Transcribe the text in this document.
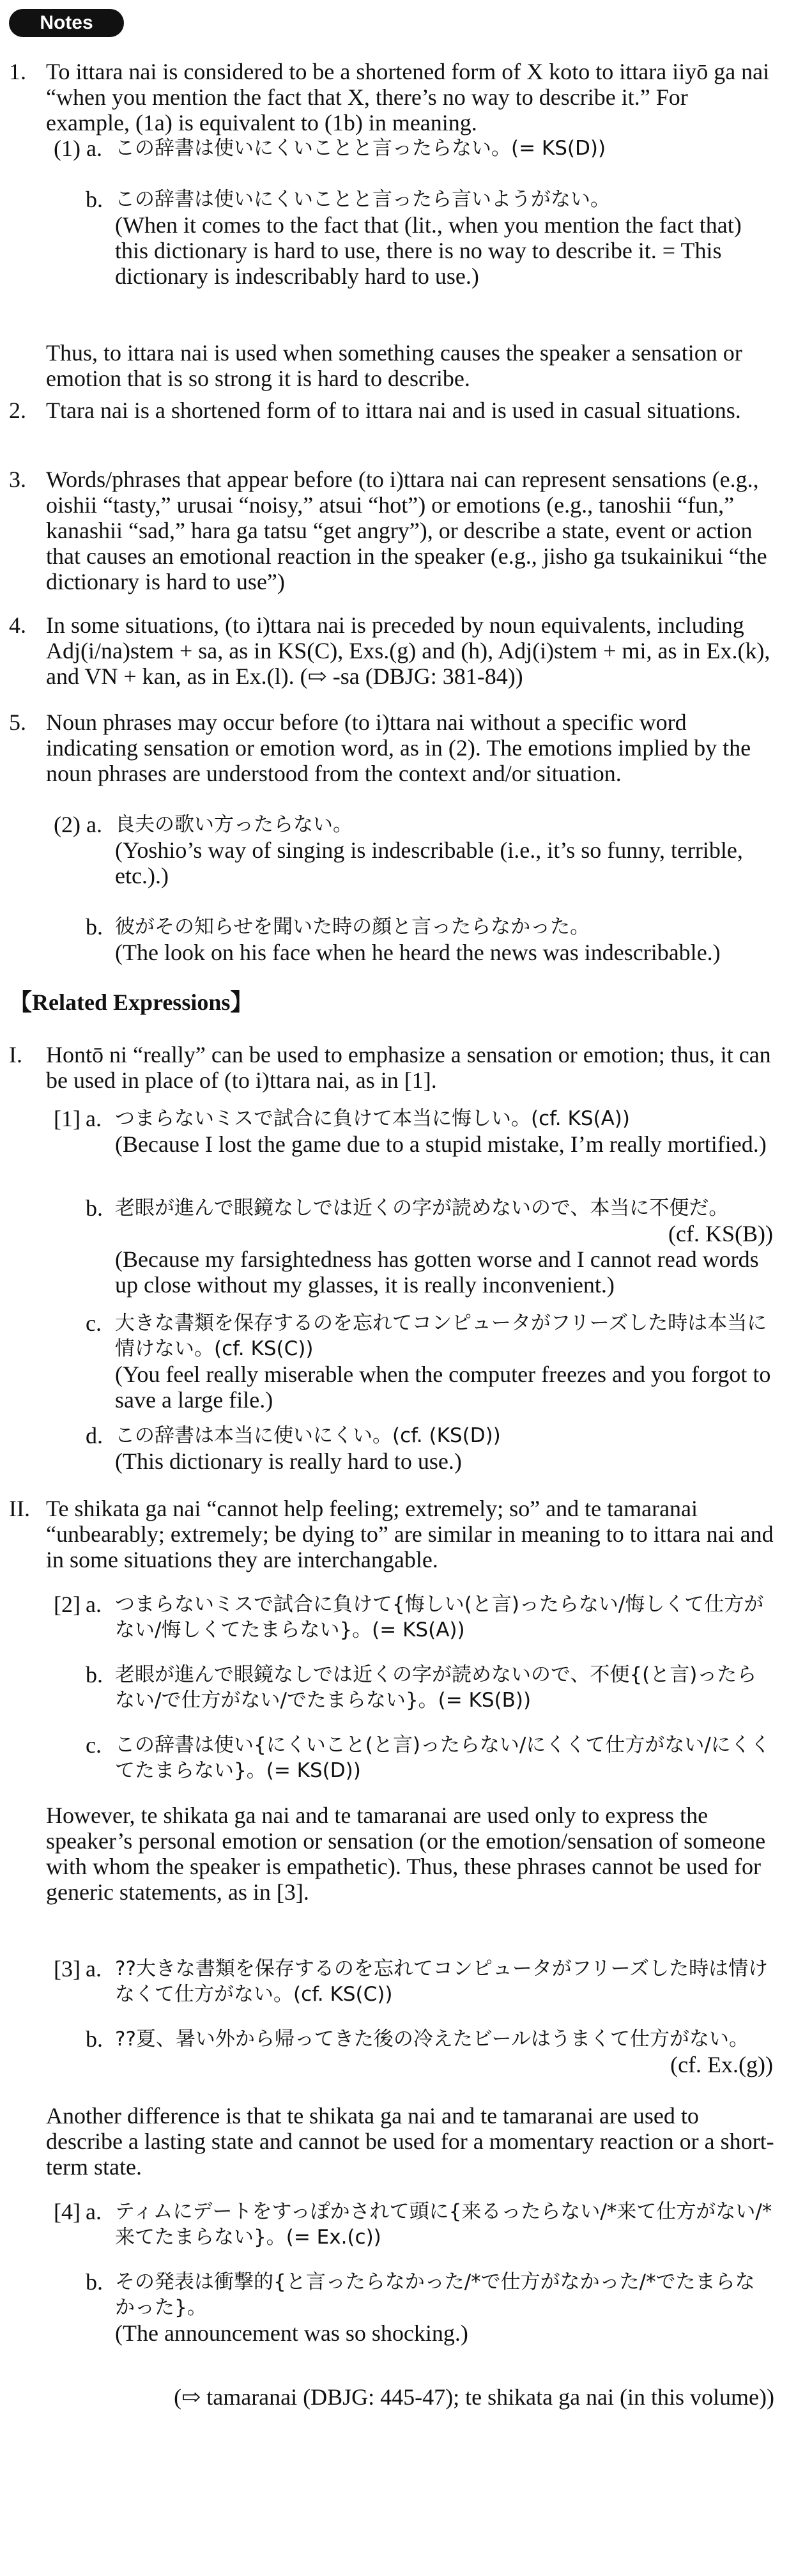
Notes
1. To ittara nai is considered to be a shortened form of X koto to ittara iiyō ga nai “when you mention the fact that X, there’s no way to describe it.” For example, (1a) is equivalent to (1b) in meaning.
(1) a. この辞書は使いにくいことと言ったらない。(= KS(D))
b. この辞書は使いにくいことと言ったら言いようがない。
(When it comes to the fact that (lit., when you mention the fact that) this dictionary is hard to use, there is no way to describe it. = This dictionary is indescribably hard to use.)
Thus, to ittara nai is used when something causes the speaker a sensation or emotion that is so strong it is hard to describe.
2. Ttara nai is a shortened form of to ittara nai and is used in casual situations.
3. Words/phrases that appear before (to i)ttara nai can represent sensations (e.g., oishii “tasty,” urusai “noisy,” atsui “hot”) or emotions (e.g., tanoshii “fun,” kanashii “sad,” hara ga tatsu “get angry”), or describe a state, event or action that causes an emotional reaction in the speaker (e.g., jisho ga tsukainikui “the dictionary is hard to use”)
4. In some situations, (to i)ttara nai is preceded by noun equivalents, including Adj(i/na)stem + sa, as in KS(C), Exs.(g) and (h), Adj(i)stem + mi, as in Ex.(k), and VN + kan, as in Ex.(l). (⇨ -sa (DBJG: 381-84))
5. Noun phrases may occur before (to i)ttara nai without a specific word indicating sensation or emotion word, as in (2). The emotions implied by the noun phrases are understood from the context and/or situation.
(2) a. 良夫の歌い方ったらない。
(Yoshio’s way of singing is indescribable (i.e., it’s so funny, terrible, etc.).)
b. 彼がその知らせを聞いた時の顔と言ったらなかった。
(The look on his face when he heard the news was indescribable.)
【Related Expressions】
I. Hontō ni “really” can be used to emphasize a sensation or emotion; thus, it can be used in place of (to i)ttara nai, as in [1].
[1] a. つまらないミスで試合に負けて本当に悔しい。(cf. KS(A))
(Because I lost the game due to a stupid mistake, I’m really mortified.)
b. 老眼が進んで眼鏡なしでは近くの字が読めないので、本当に不便だ。
(cf. KS(B))
(Because my farsightedness has gotten worse and I cannot read words up close without my glasses, it is really inconvenient.)
c. 大きな書類を保存するのを忘れてコンピュータがフリーズした時は本当に情けない。(cf. KS(C))
(You feel really miserable when the computer freezes and you forgot to save a large file.)
d. この辞書は本当に使いにくい。(cf. (KS(D))
(This dictionary is really hard to use.)
II. Te shikata ga nai “cannot help feeling; extremely; so” and te tamaranai “unbearably; extremely; be dying to” are similar in meaning to to ittara nai and in some situations they are interchangable.
[2] a. つまらないミスで試合に負けて{悔しい(と言)ったらない/悔しくて仕方がない/悔しくてたまらない}。(= KS(A))
b. 老眼が進んで眼鏡なしでは近くの字が読めないので、不便{(と言)ったらない/で仕方がない/でたまらない}。(= KS(B))
c. この辞書は使い{にくいこと(と言)ったらない/にくくて仕方がない/にくくてたまらない}。(= KS(D))
However, te shikata ga nai and te tamaranai are used only to express the speaker’s personal emotion or sensation (or the emotion/sensation of someone with whom the speaker is empathetic). Thus, these phrases cannot be used for generic statements, as in [3].
[3] a. ??大きな書類を保存するのを忘れてコンピュータがフリーズした時は情けなくて仕方がない。(cf. KS(C))
b. ??夏、暑い外から帰ってきた後の冷えたビールはうまくて仕方がない。
(cf. Ex.(g))
Another difference is that te shikata ga nai and te tamaranai are used to describe a lasting state and cannot be used for a momentary reaction or a short-term state.
[4] a. ティムにデートをすっぽかされて頭に{来るったらない/*来て仕方がない/*来てたまらない}。(= Ex.(c))
b. その発表は衝撃的{と言ったらなかった/*で仕方がなかった/*でたまらなかった}。
(The announcement was so shocking.)
(⇨ tamaranai (DBJG: 445-47); te shikata ga nai (in this volume))
